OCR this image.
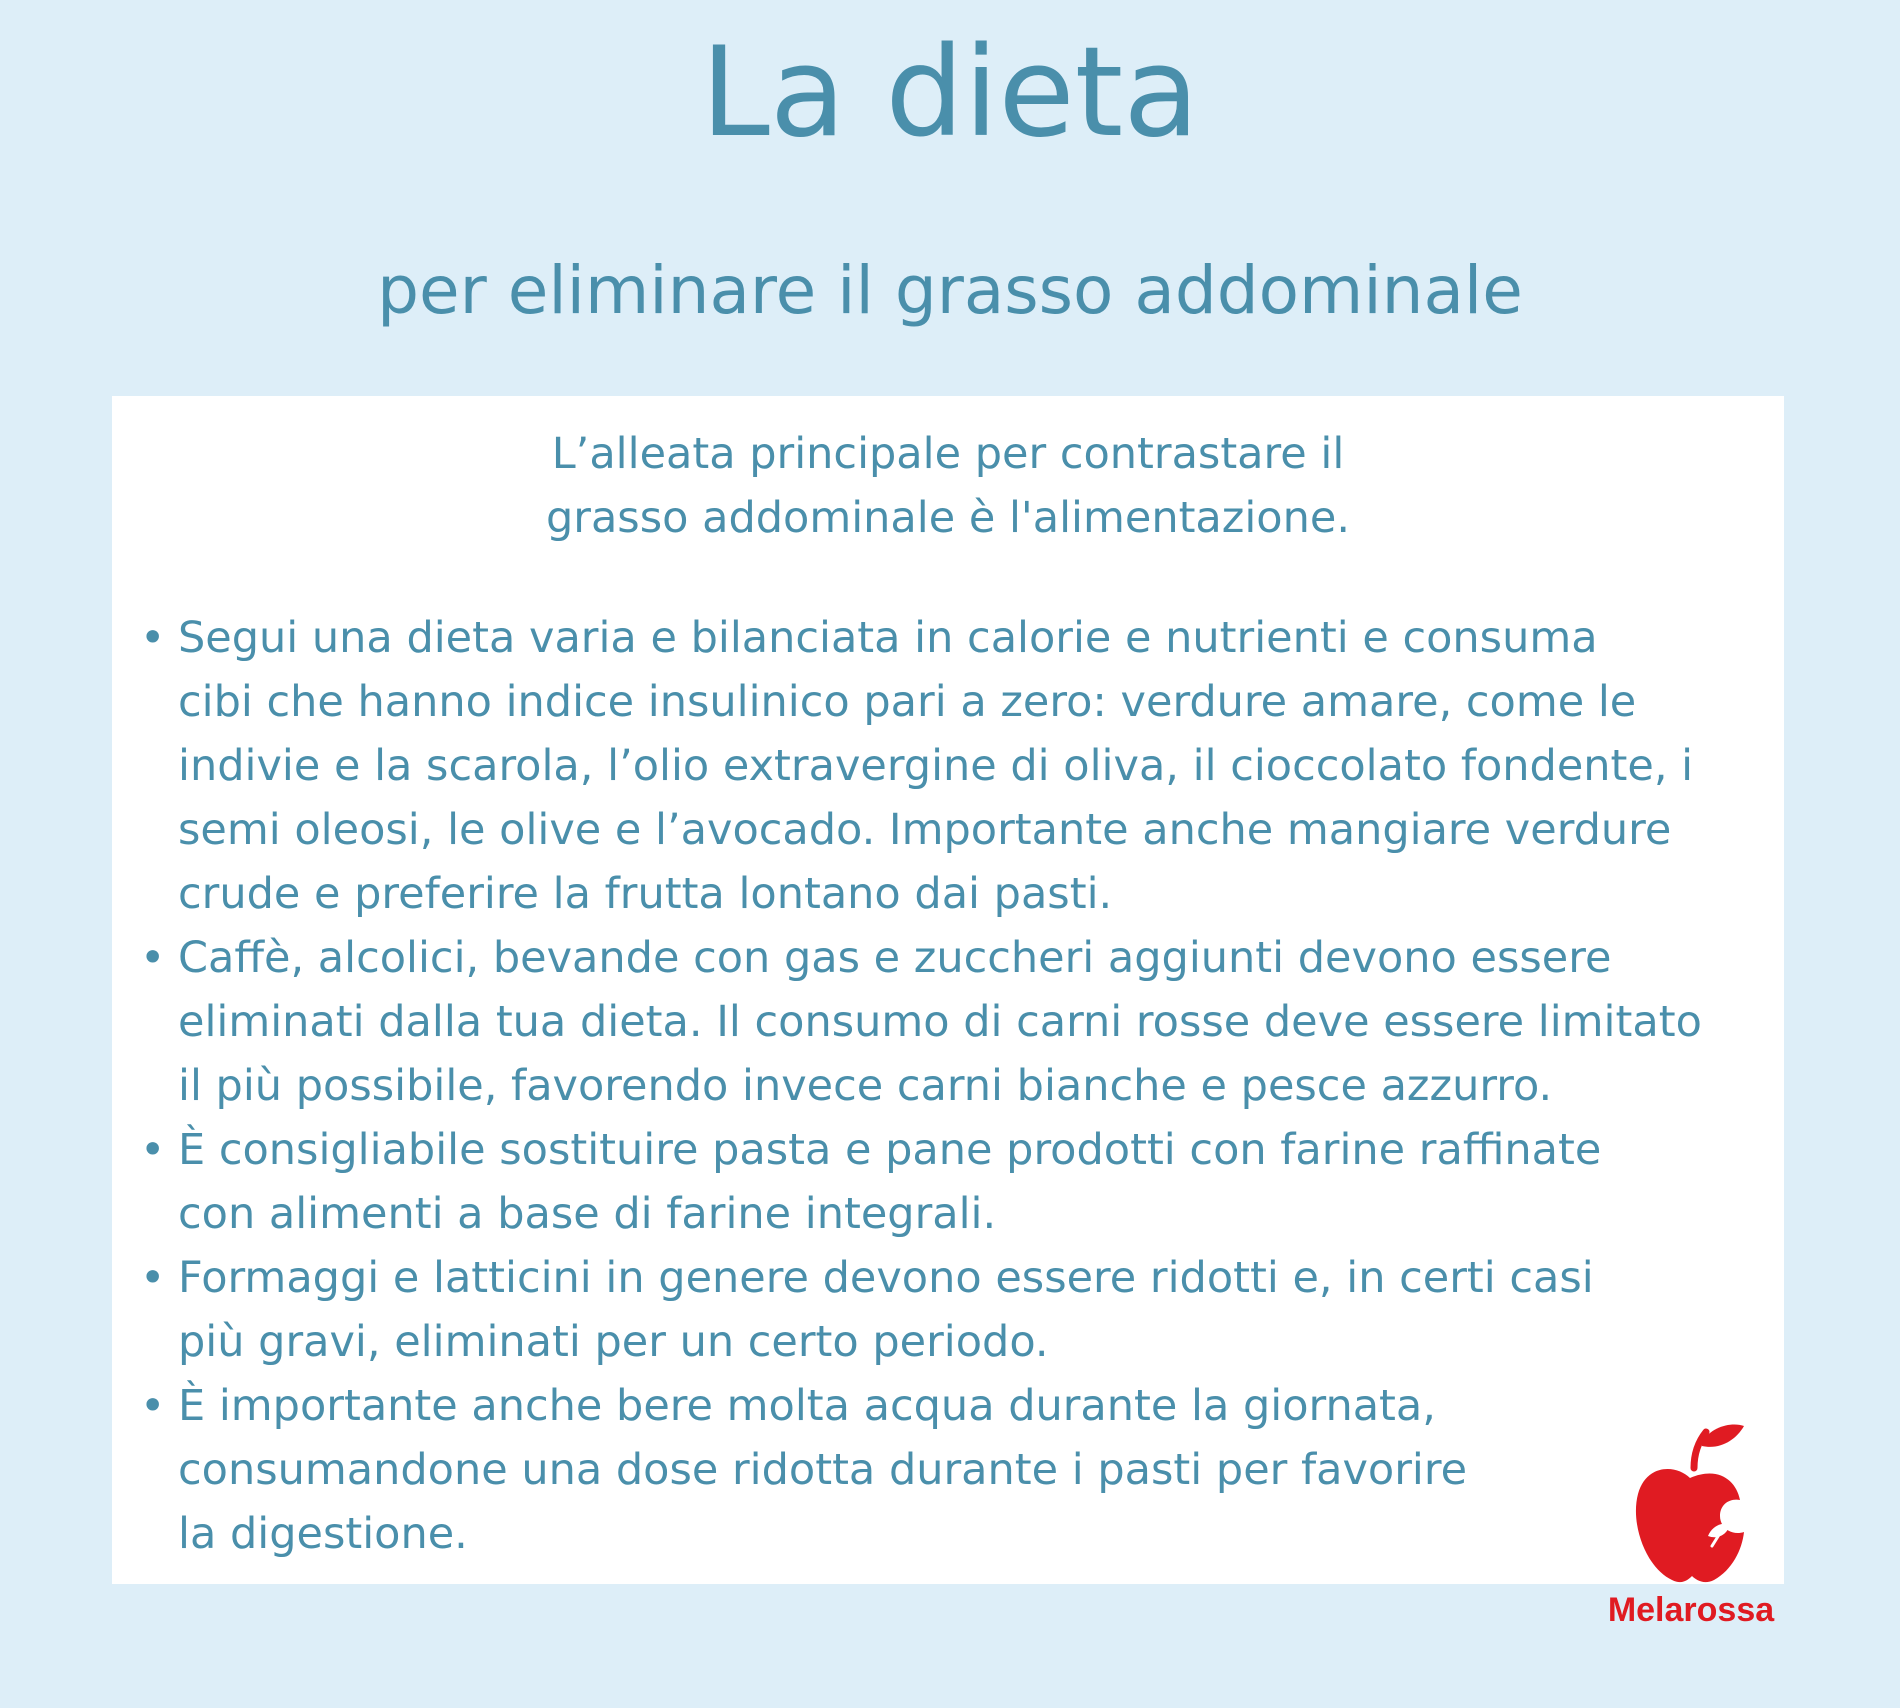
La dieta
per eliminare il grasso addominale

L’alleata principale per contrastare il
grasso addominale è l'alimentazione.

• Segui una dieta varia e bilanciata in calorie e nutrienti e consuma
cibi che hanno indice insulinico pari a zero: verdure amare, come le
indivie e la scarola, l’olio extravergine di oliva, il cioccolato fondente, i
semi oleosi, le olive e l’avocado. Importante anche mangiare verdure
crude e preferire la frutta lontano dai pasti.
• Caffè, alcolici, bevande con gas e zuccheri aggiunti devono essere
eliminati dalla tua dieta. Il consumo di carni rosse deve essere limitato
il più possibile, favorendo invece carni bianche e pesce azzurro.
• È consigliabile sostituire pasta e pane prodotti con farine raffinate
con alimenti a base di farine integrali.
• Formaggi e latticini in genere devono essere ridotti e, in certi casi
più gravi, eliminati per un certo periodo.
• È importante anche bere molta acqua durante la giornata,
consumandone una dose ridotta durante i pasti per favorire
la digestione.
Melarossa
